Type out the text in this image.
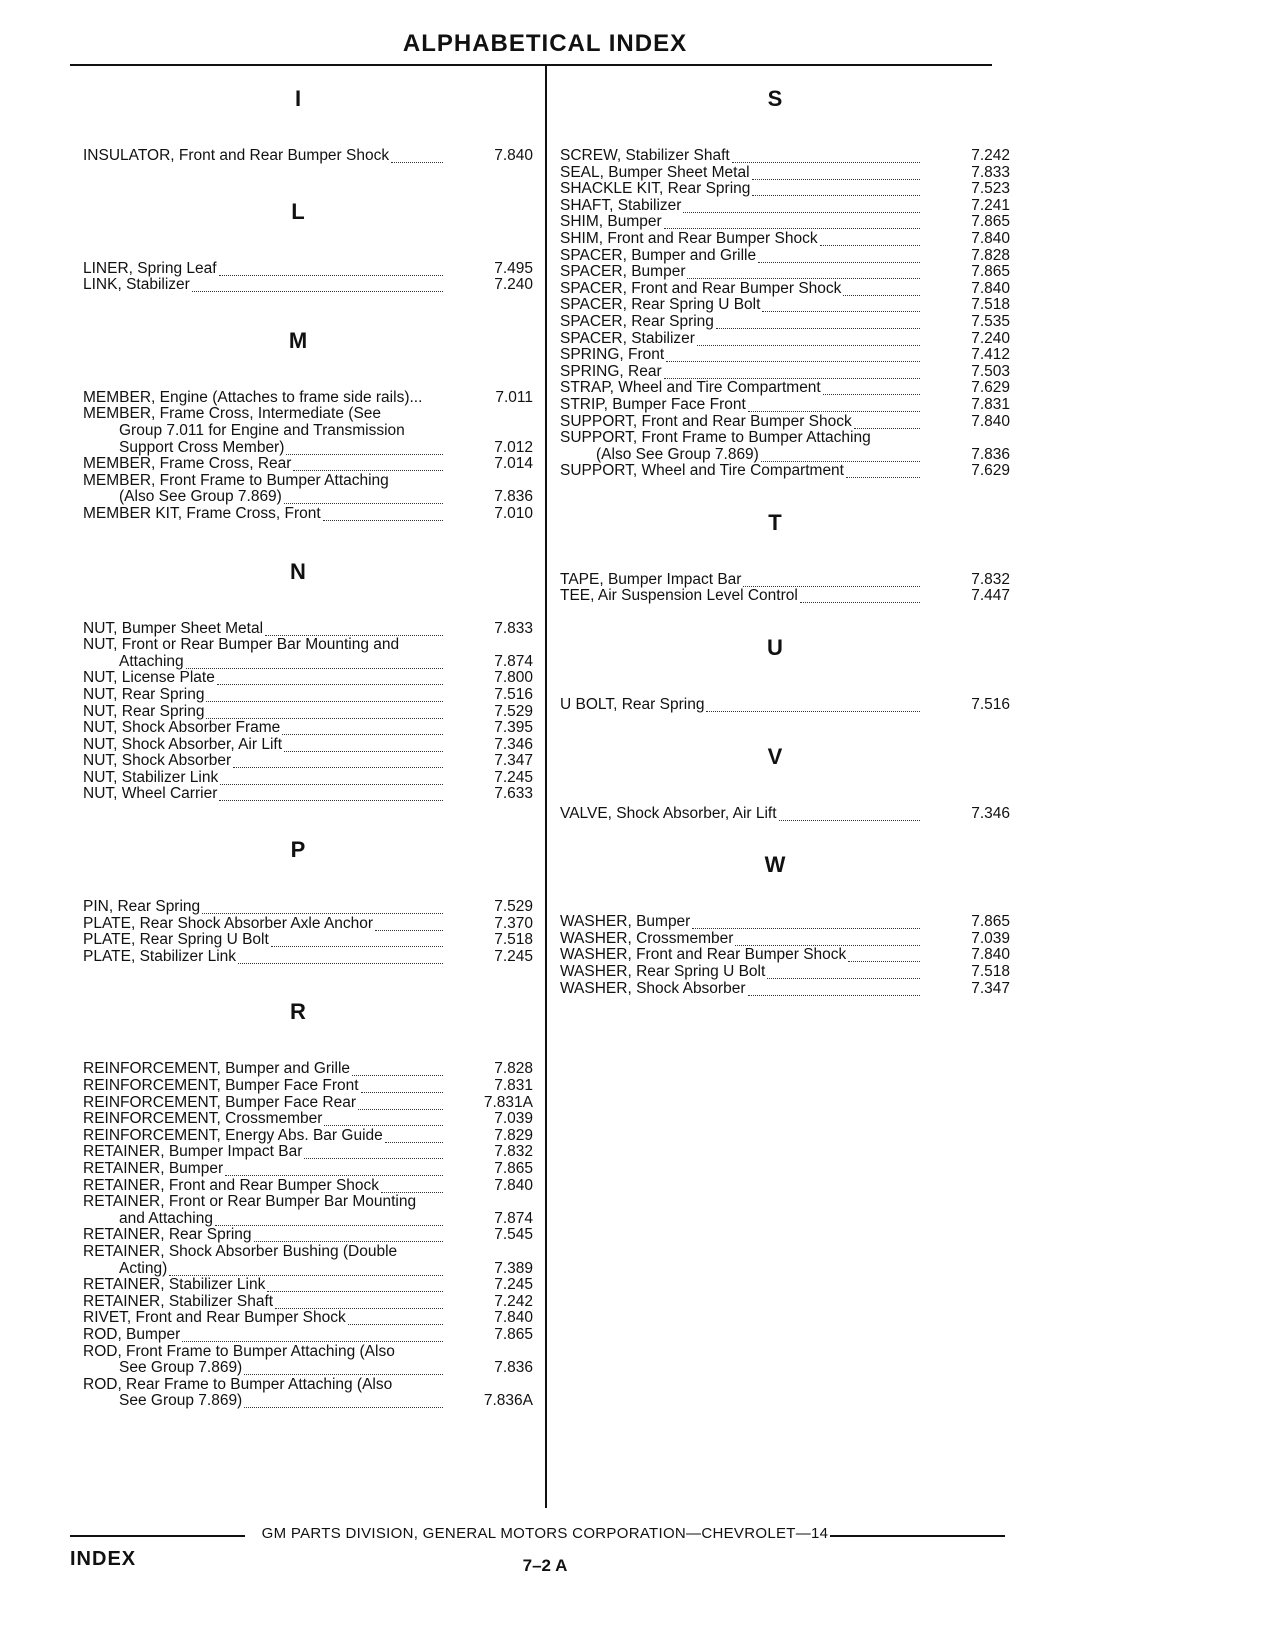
ALPHABETICAL INDEX
I
INSULATOR, Front and Rear Bumper Shock	7.840
L
LINER, Spring Leaf	7.495
LINK, Stabilizer	7.240
M
MEMBER, Engine (Attaches to frame side rails)...	7.011
MEMBER, Frame Cross, Intermediate (See
Group 7.011 for Engine and Transmission
Support Cross Member)	7.012
MEMBER, Frame Cross, Rear	7.014
MEMBER, Front Frame to Bumper Attaching
(Also See Group 7.869)	7.836
MEMBER KIT, Frame Cross, Front	7.010
N
NUT, Bumper Sheet Metal	7.833
NUT, Front or Rear Bumper Bar Mounting and
Attaching	7.874
NUT, License Plate	7.800
NUT, Rear Spring	7.516
NUT, Rear Spring	7.529
NUT, Shock Absorber Frame	7.395
NUT, Shock Absorber, Air Lift	7.346
NUT, Shock Absorber	7.347
NUT, Stabilizer Link	7.245
NUT, Wheel Carrier	7.633
P
PIN, Rear Spring	7.529
PLATE, Rear Shock Absorber Axle Anchor	7.370
PLATE, Rear Spring U Bolt	7.518
PLATE, Stabilizer Link	7.245
R
REINFORCEMENT, Bumper and Grille	7.828
REINFORCEMENT, Bumper Face Front	7.831
REINFORCEMENT, Bumper Face Rear	7.831A
REINFORCEMENT, Crossmember	7.039
REINFORCEMENT, Energy Abs. Bar Guide	7.829
RETAINER, Bumper Impact Bar	7.832
RETAINER, Bumper	7.865
RETAINER, Front and Rear Bumper Shock	7.840
RETAINER, Front or Rear Bumper Bar Mounting
and Attaching	7.874
RETAINER, Rear Spring	7.545
RETAINER, Shock Absorber Bushing (Double
Acting)	7.389
RETAINER, Stabilizer Link	7.245
RETAINER, Stabilizer Shaft	7.242
RIVET, Front and Rear Bumper Shock	7.840
ROD, Bumper	7.865
ROD, Front Frame to Bumper Attaching (Also
See Group 7.869)	7.836
ROD, Rear Frame to Bumper Attaching (Also
See Group 7.869)	7.836A
S
SCREW, Stabilizer Shaft	7.242
SEAL, Bumper Sheet Metal	7.833
SHACKLE KIT, Rear Spring	7.523
SHAFT, Stabilizer	7.241
SHIM, Bumper	7.865
SHIM, Front and Rear Bumper Shock	7.840
SPACER, Bumper and Grille	7.828
SPACER, Bumper	7.865
SPACER, Front and Rear Bumper Shock	7.840
SPACER, Rear Spring U Bolt	7.518
SPACER, Rear Spring	7.535
SPACER, Stabilizer	7.240
SPRING, Front	7.412
SPRING, Rear	7.503
STRAP, Wheel and Tire Compartment	7.629
STRIP, Bumper Face Front	7.831
SUPPORT, Front and Rear Bumper Shock	7.840
SUPPORT, Front Frame to Bumper Attaching
(Also See Group 7.869)	7.836
SUPPORT, Wheel and Tire Compartment	7.629
T
TAPE, Bumper Impact Bar	7.832
TEE, Air Suspension Level Control	7.447
U
U BOLT, Rear Spring	7.516
V
VALVE, Shock Absorber, Air Lift	7.346
W
WASHER, Bumper	7.865
WASHER, Crossmember	7.039
WASHER, Front and Rear Bumper Shock	7.840
WASHER, Rear Spring U Bolt	7.518
WASHER, Shock Absorber	7.347
GM PARTS DIVISION, GENERAL MOTORS CORPORATION—CHEVROLET—14
INDEX	7–2 A
